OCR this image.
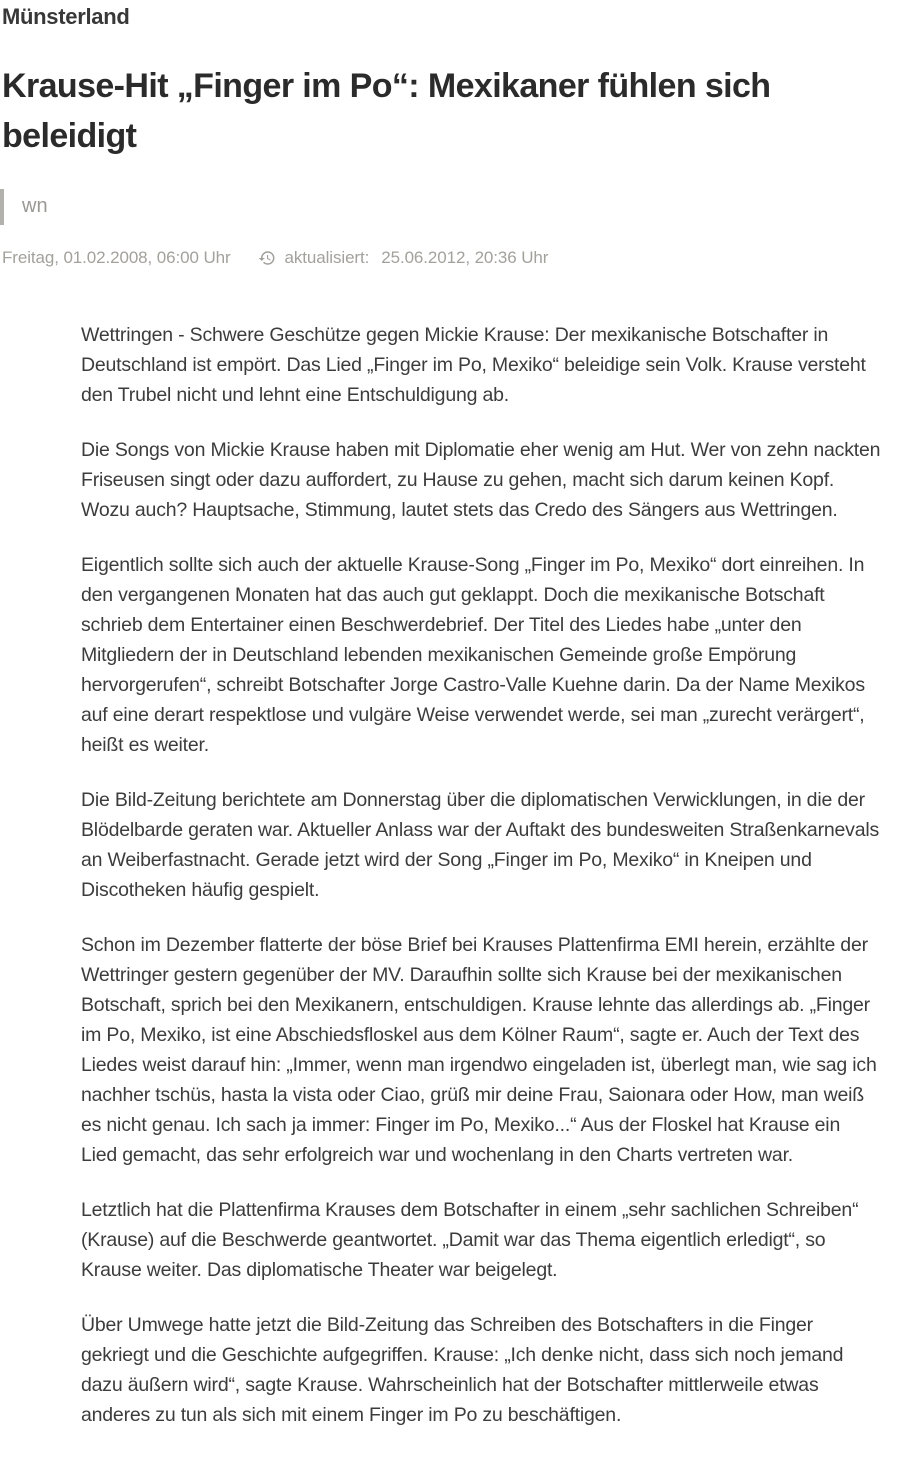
Münsterland
Krause-Hit „Finger im Po“: Mexikaner fühlen sich beleidigt
wn
Freitag, 01.02.2008, 06:00 Uhr	aktualisiert: 25.06.2012, 20:36 Uhr

Wettringen - Schwere Geschütze gegen Mickie Krause: Der mexikanische Botschafter in Deutschland ist empört. Das Lied „Finger im Po, Mexiko“ beleidige sein Volk. Krause versteht den Trubel nicht und lehnt eine Entschuldigung ab.

Die Songs von Mickie Krause haben mit Diplomatie eher wenig am Hut. Wer von zehn nackten Friseusen singt oder dazu auffordert, zu Hause zu gehen, macht sich darum keinen Kopf. Wozu auch? Hauptsache, Stimmung, lautet stets das Credo des Sängers aus Wettringen.

Eigentlich sollte sich auch der aktuelle Krause-Song „Finger im Po, Mexiko“ dort einreihen. In den vergangenen Monaten hat das auch gut geklappt. Doch die mexikanische Botschaft schrieb dem Entertainer einen Beschwerdebrief. Der Titel des Liedes habe „unter den Mitgliedern der in Deutschland lebenden mexikanischen Gemeinde große Empörung hervorgerufen“, schreibt Botschafter Jorge Castro-Valle Kuehne darin. Da der Name Mexikos auf eine derart respektlose und vulgäre Weise verwendet werde, sei man „zurecht verärgert“, heißt es weiter.

Die Bild-Zeitung berichtete am Donnerstag über die diplomatischen Verwicklungen, in die der Blödelbarde geraten war. Aktueller Anlass war der Auftakt des bundesweiten Straßenkarnevals an Weiberfastnacht. Gerade jetzt wird der Song „Finger im Po, Mexiko“ in Kneipen und Discotheken häufig gespielt.

Schon im Dezember flatterte der böse Brief bei Krauses Plattenfirma EMI herein, erzählte der Wettringer gestern gegenüber der MV. Daraufhin sollte sich Krause bei der mexikanischen Botschaft, sprich bei den Mexikanern, entschuldigen. Krause lehnte das allerdings ab. „Finger im Po, Mexiko, ist eine Abschiedsfloskel aus dem Kölner Raum“, sagte er. Auch der Text des Liedes weist darauf hin: „Immer, wenn man irgendwo eingeladen ist, überlegt man, wie sag ich nachher tschüs, hasta la vista oder Ciao, grüß mir deine Frau, Saionara oder How, man weiß es nicht genau. Ich sach ja immer: Finger im Po, Mexiko...“ Aus der Floskel hat Krause ein Lied gemacht, das sehr erfolgreich war und wochenlang in den Charts vertreten war.

Letztlich hat die Plattenfirma Krauses dem Botschafter in einem „sehr sachlichen Schreiben“ (Krause) auf die Beschwerde geantwortet. „Damit war das Thema eigentlich erledigt“, so Krause weiter. Das diplomatische Theater war beigelegt.

Über Umwege hatte jetzt die Bild-Zeitung das Schreiben des Botschafters in die Finger gekriegt und die Geschichte aufgegriffen. Krause: „Ich denke nicht, dass sich noch jemand dazu äußern wird“, sagte Krause. Wahrscheinlich hat der Botschafter mittlerweile etwas anderes zu tun als sich mit einem Finger im Po zu beschäftigen.
